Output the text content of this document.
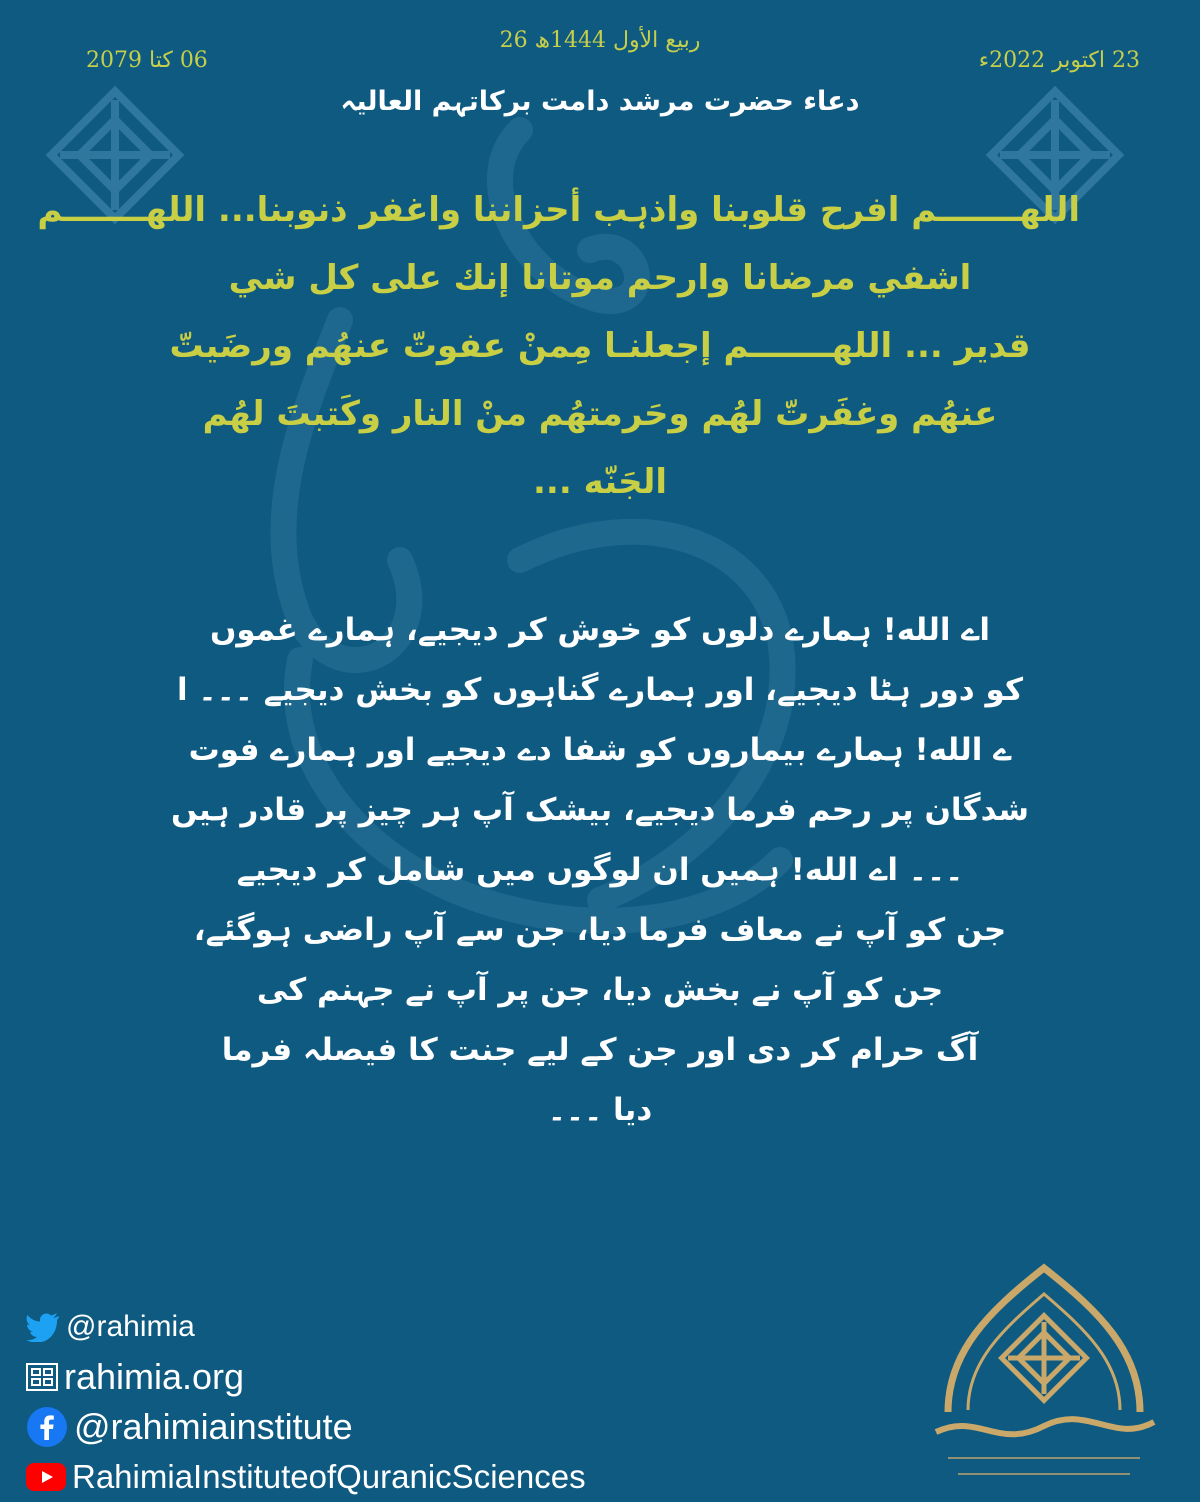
26 ربیع الأول 1444ھ
23 اکتوبر 2022ء
06 کتا 2079
دعاء حضرت مرشد دامت برکاتہم العالیہ
اللھـــــــم افرح قلوبنا واذہب أحزاننا واغفر ذنوبنا... اللھـــــــم
اشفي مرضانا وارحم موتانا إنك على كل شي
قدير ... اللھـــــــم إجعلنـا مِمنْ عفوتّ عنھُم ورضَيتّ
عنھُم وغفَرتّ لھُم وحَرمتھُم منْ النار وكَتبتَ لھُم
الجَنّه ...
اے الله! ہمارے دلوں کو خوش کر دیجیے، ہمارے غموں
کو دور ہٹا دیجیے، اور ہمارے گناہوں کو بخش دیجیے ۔۔۔ ا
ے الله! ہمارے بیماروں کو شفا دے دیجیے اور ہمارے فوت
شدگان پر رحم فرما دیجیے، بیشک آپ ہر چیز پر قادر ہیں
۔۔۔ اے الله! ہمیں ان لوگوں میں شامل کر دیجیے
جن کو آپ نے معاف فرما دیا، جن سے آپ راضی ہوگئے،
جن کو آپ نے بخش دیا، جن پر آپ نے جہنم کی
آگ حرام کر دی اور جن کے لیے جنت کا فیصلہ فرما
دیا ۔۔۔
@rahimia
rahimia.org
@rahimiainstitute
RahimiaInstituteofQuranicSciences
